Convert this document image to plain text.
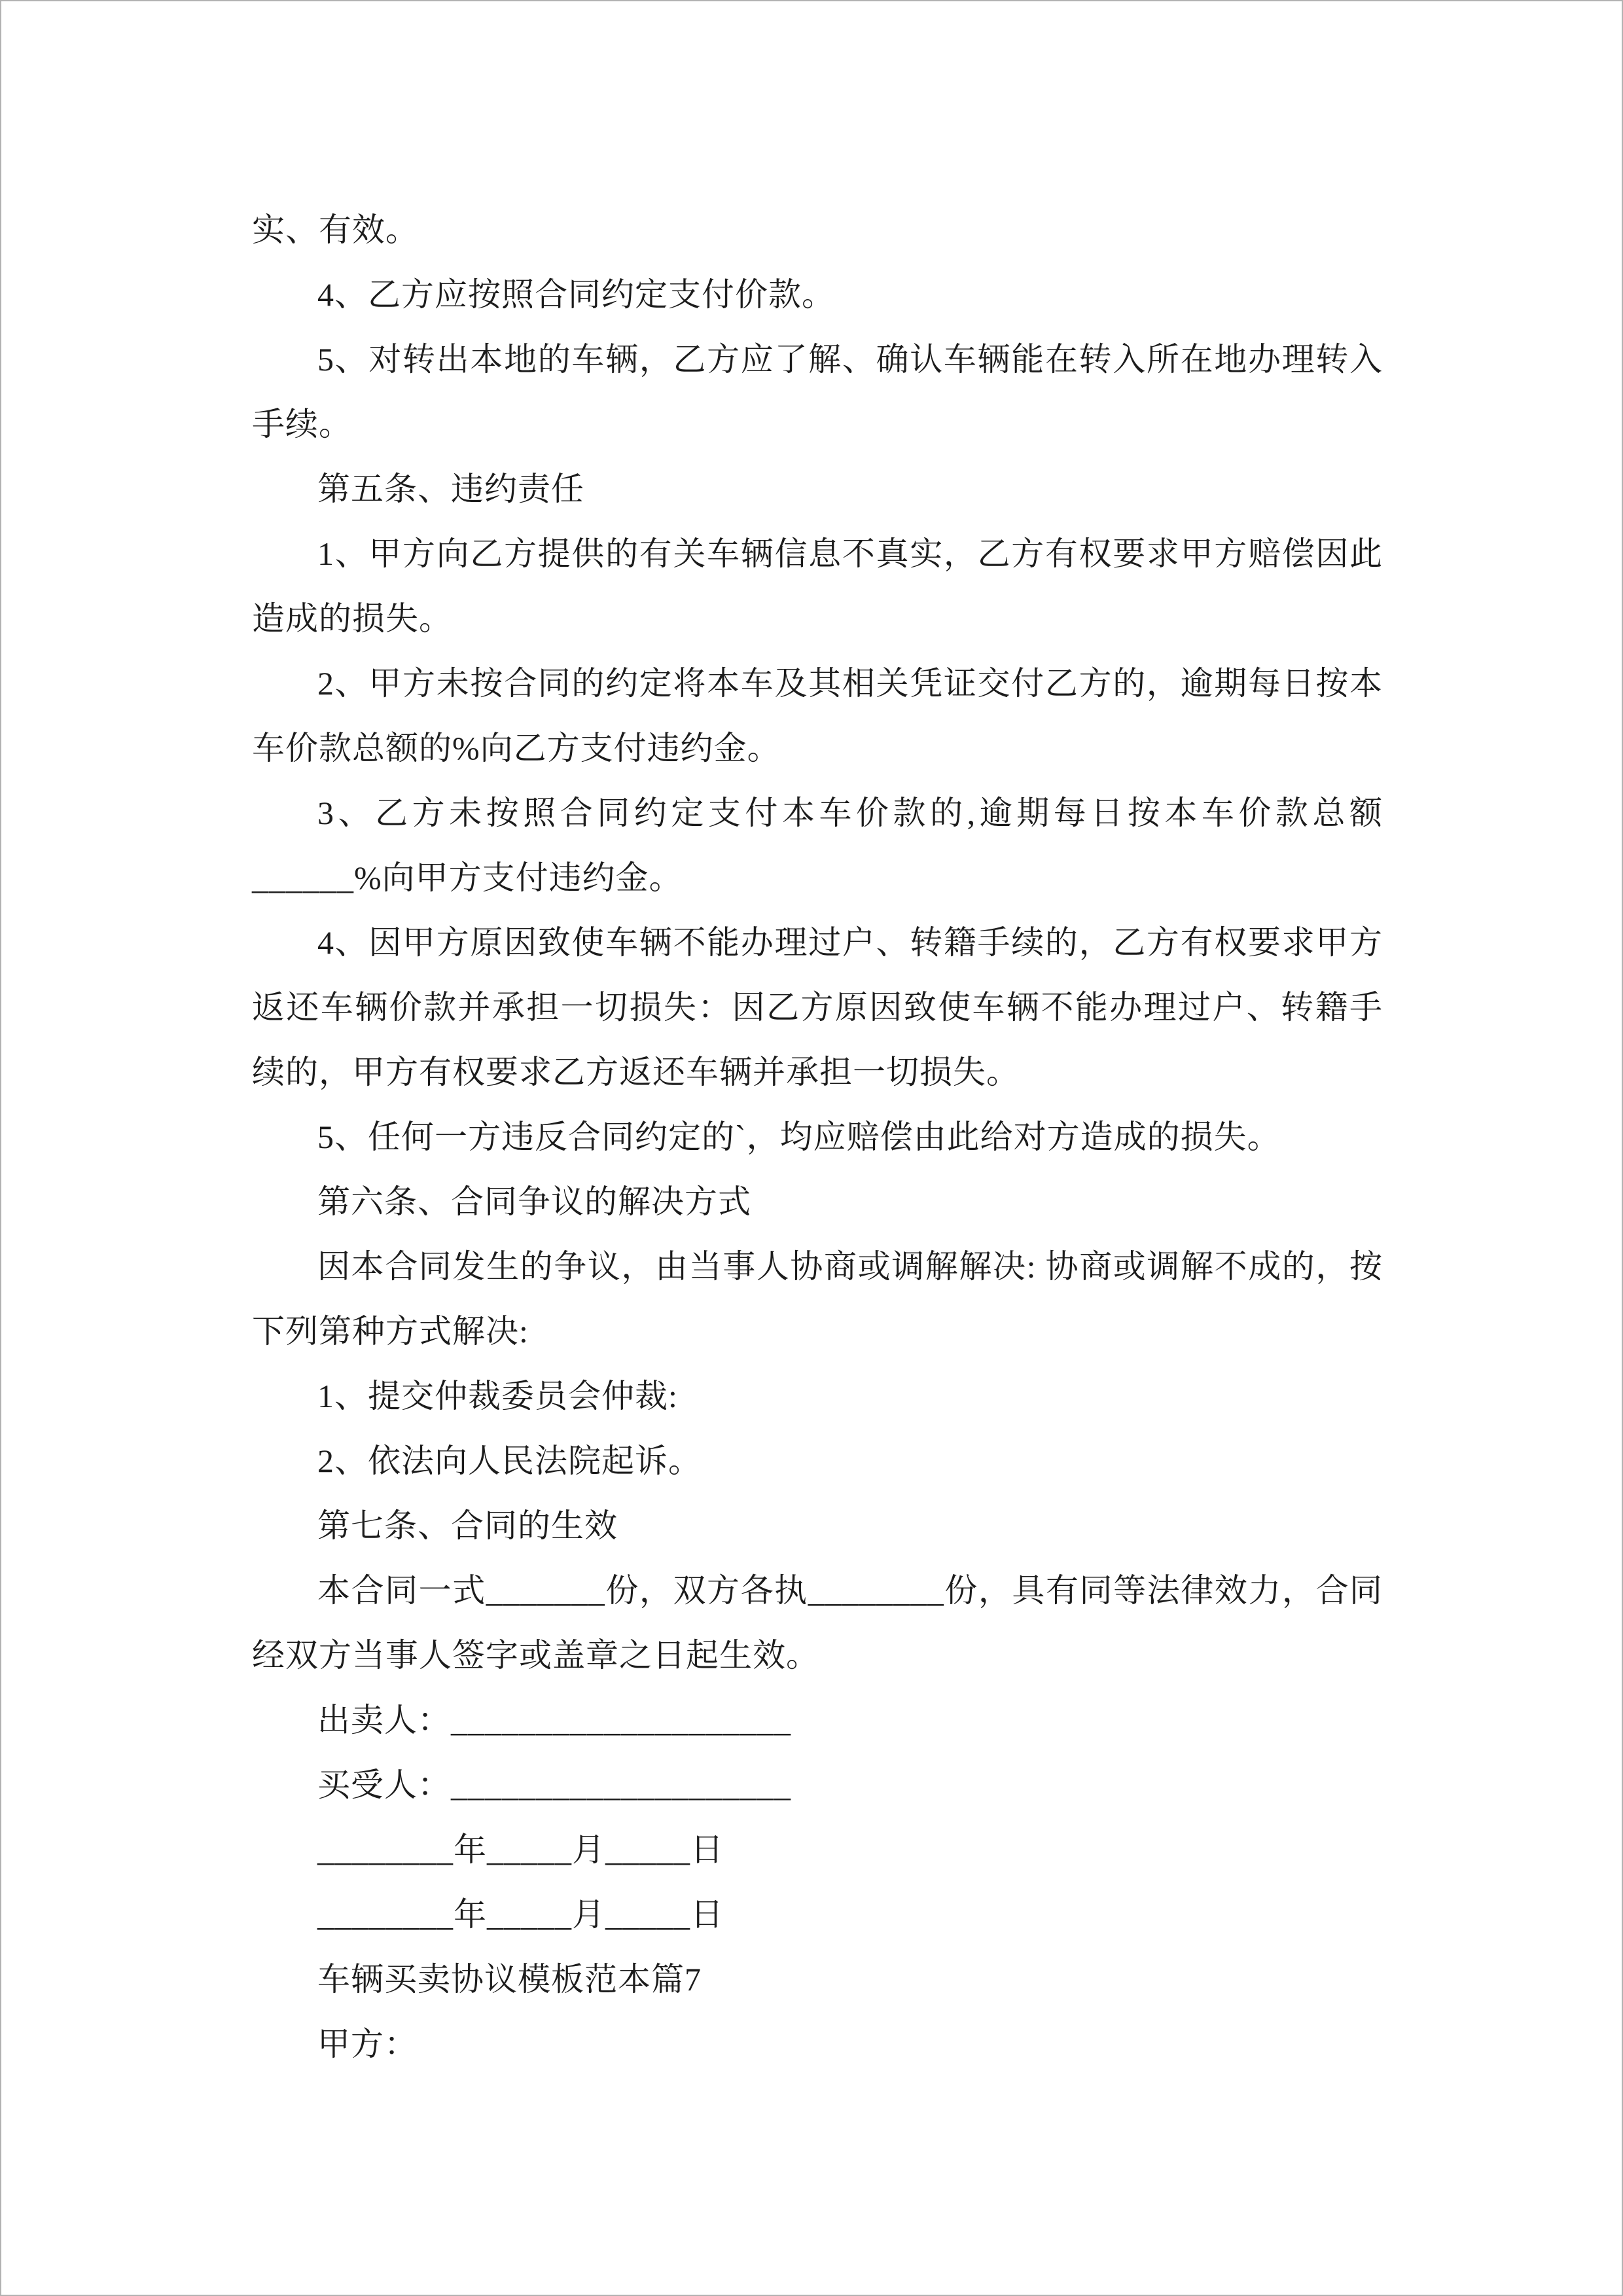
实、有效。

4、乙方应按照合同约定支付价款。

5、对转出本地的车辆，乙方应了解、确认车辆能在转入所在地办理转入手续。

第五条、违约责任

1、甲方向乙方提供的有关车辆信息不真实，乙方有权要求甲方赔偿因此造成的损失。

2、甲方未按合同的约定将本车及其相关凭证交付乙方的，逾期每日按本车价款总额的%向乙方支付违约金。

3、乙方未按照合同约定支付本车价款的,逾期每日按本车价款总额______%向甲方支付违约金。

4、因甲方原因致使车辆不能办理过户、转籍手续的，乙方有权要求甲方返还车辆价款并承担一切损失：因乙方原因致使车辆不能办理过户、转籍手续的，甲方有权要求乙方返还车辆并承担一切损失。

5、任何一方违反合同约定的`，均应赔偿由此给对方造成的损失。

第六条、合同争议的解决方式

因本合同发生的争议，由当事人协商或调解解决: 协商或调解不成的，按下列第种方式解决:

1、提交仲裁委员会仲裁:

2、依法向人民法院起诉。

第七条、合同的生效

本合同一式_______份，双方各执________份，具有同等法律效力，合同经双方当事人签字或盖章之日起生效。

出卖人：____________________

买受人：____________________

________年_____月_____日

________年_____月_____日

车辆买卖协议模板范本篇7

甲方：
